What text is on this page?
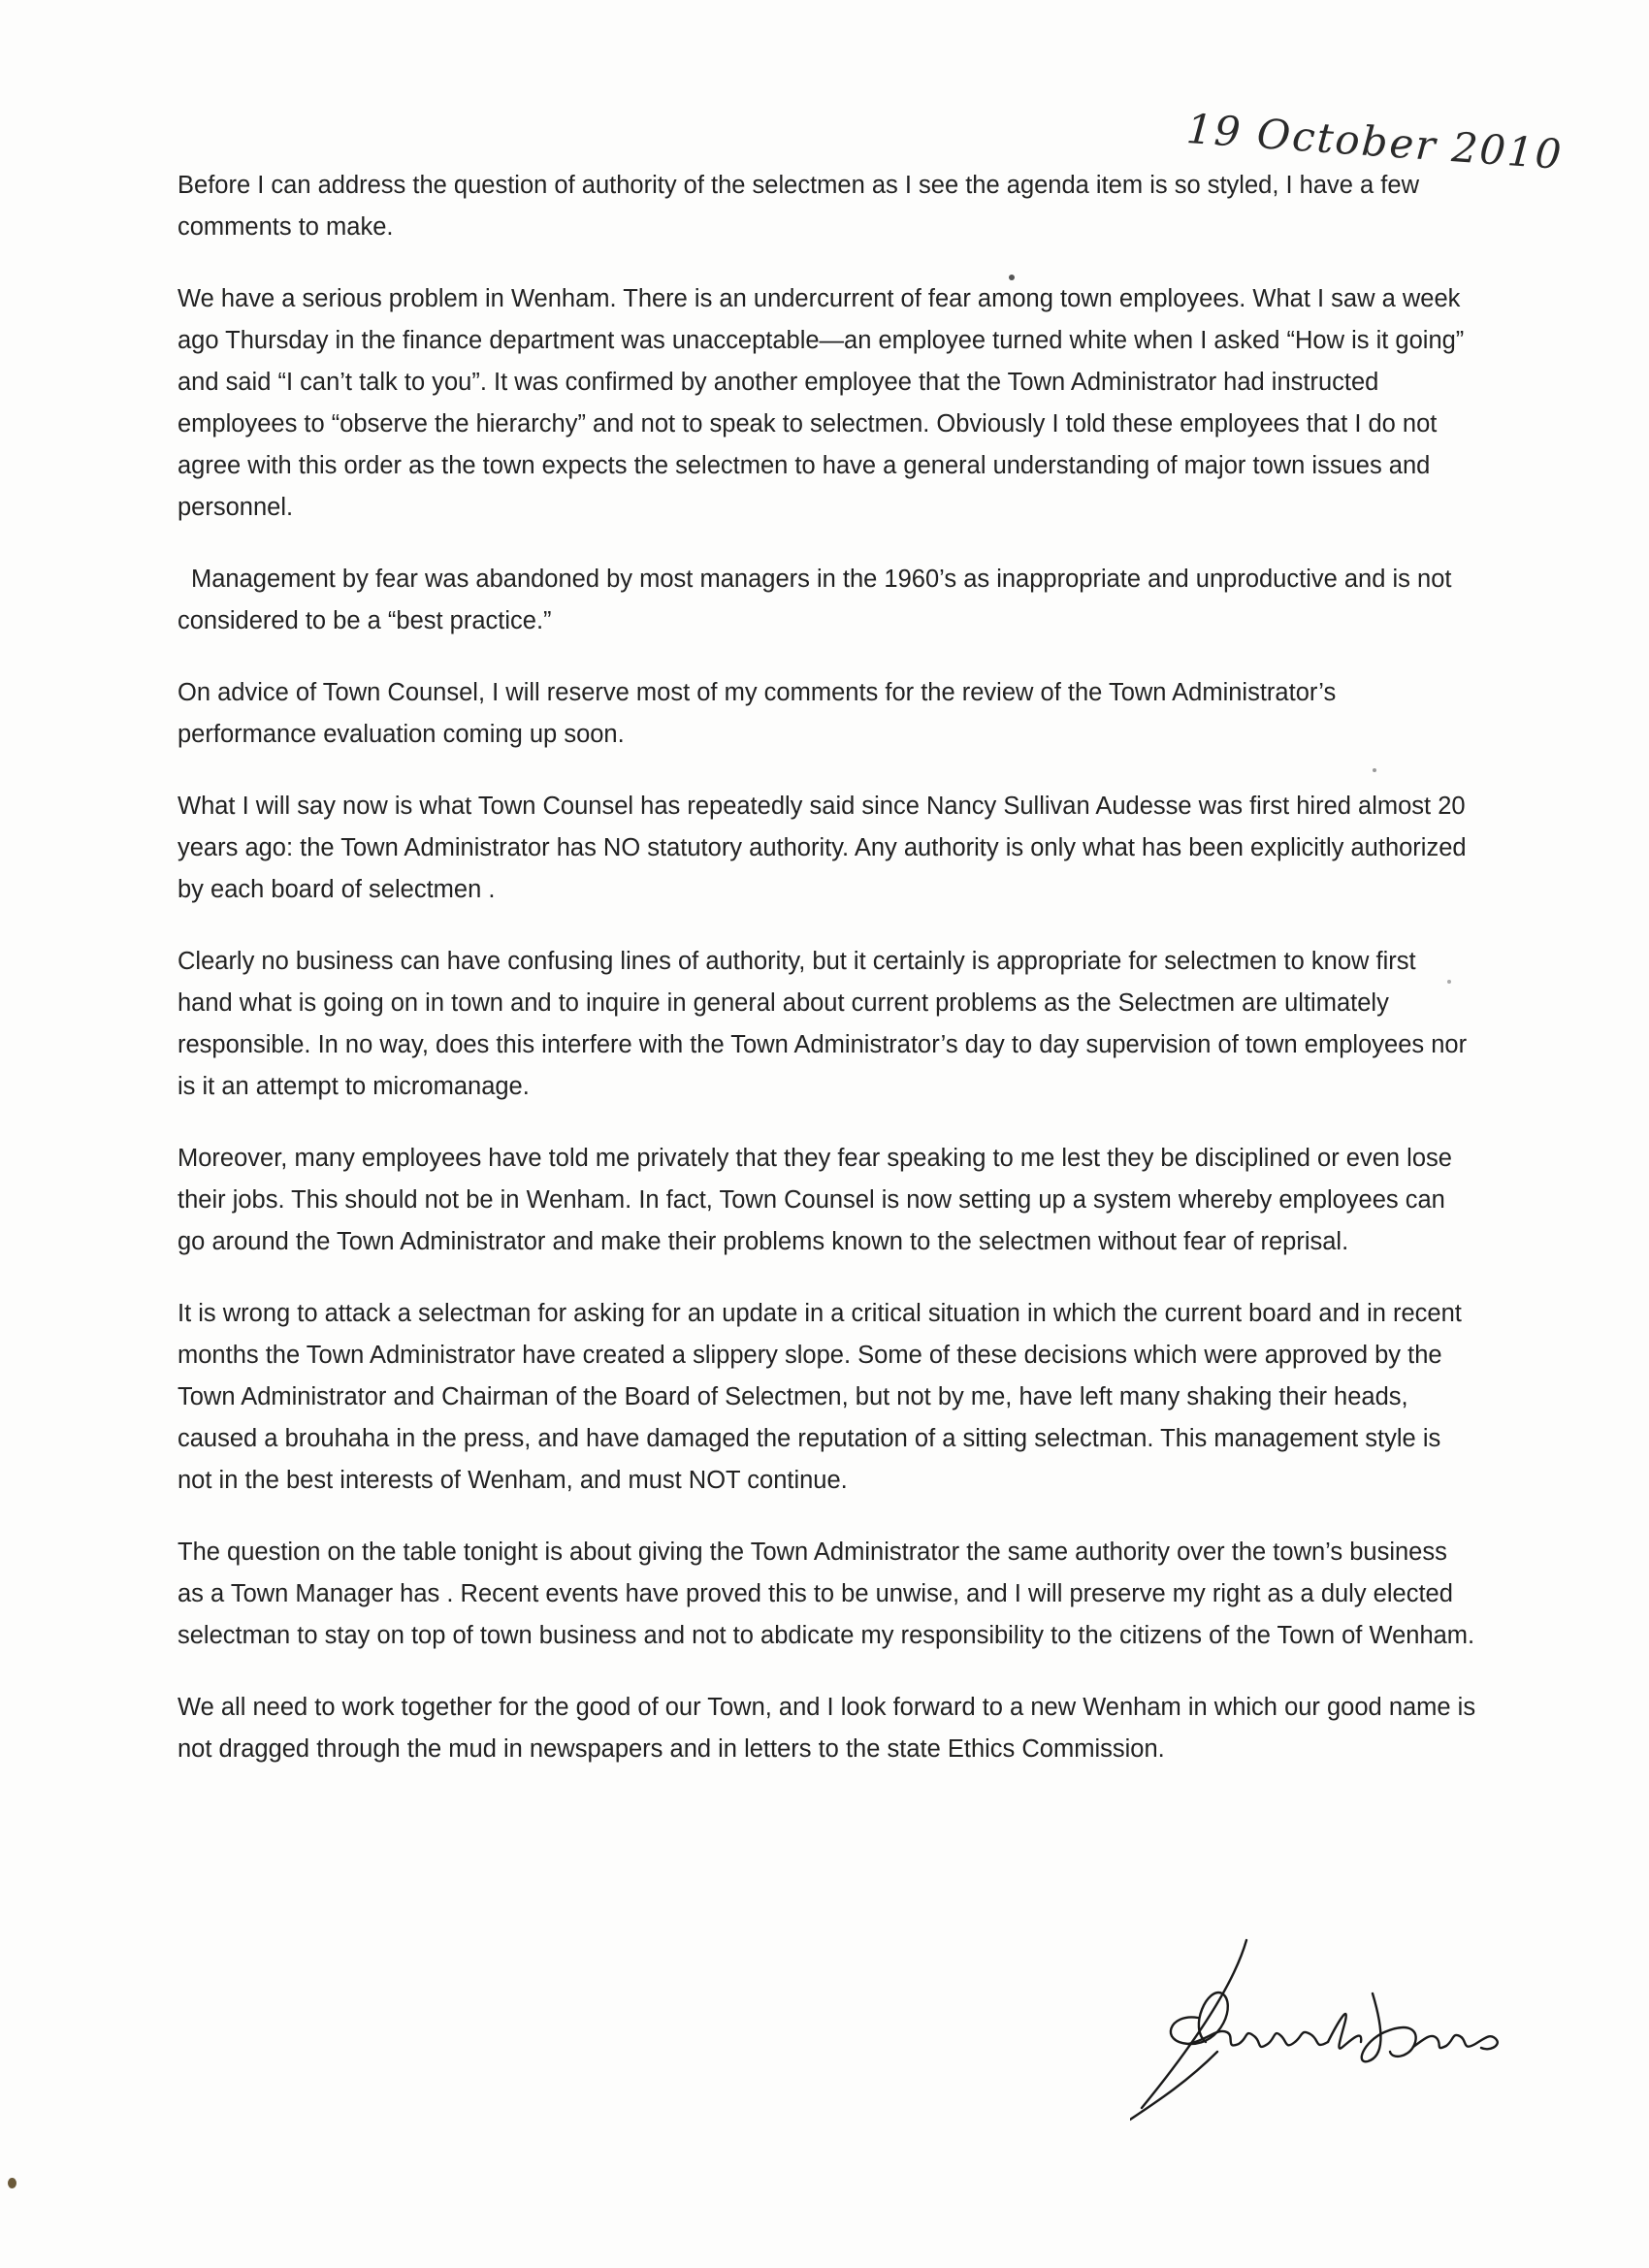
19 October 2010

Before I can address the question of authority of the selectmen as I see the agenda item is so styled, I have a few comments to make.

We have a serious problem in Wenham. There is an undercurrent of fear among town employees. What I saw a week ago Thursday in the finance department was unacceptable—an employee turned white when I asked “How is it going” and said “I can’t talk to you”. It was confirmed by another employee that the Town Administrator had instructed employees to “observe the hierarchy” and not to speak to selectmen. Obviously I told these employees that I do not agree with this order as the town expects the selectmen to have a general understanding of major town issues and personnel.

Management by fear was abandoned by most managers in the 1960’s as inappropriate and unproductive and is not considered to be a “best practice.”

On advice of Town Counsel, I will reserve most of my comments for the review of the Town Administrator’s performance evaluation coming up soon.

What I will say now is what Town Counsel has repeatedly said since Nancy Sullivan Audesse was first hired almost 20 years ago: the Town Administrator has NO statutory authority. Any authority is only what has been explicitly authorized by each board of selectmen .

Clearly no business can have confusing lines of authority, but it certainly is appropriate for selectmen to know first hand what is going on in town and to inquire in general about current problems as the Selectmen are ultimately responsible. In no way, does this interfere with the Town Administrator’s day to day supervision of town employees nor is it an attempt to micromanage.

Moreover, many employees have told me privately that they fear speaking to me lest they be disciplined or even lose their jobs. This should not be in Wenham. In fact, Town Counsel is now setting up a system whereby employees can go around the Town Administrator and make their problems known to the selectmen without fear of reprisal.

It is wrong to attack a selectman for asking for an update in a critical situation in which the current board and in recent months the Town Administrator have created a slippery slope. Some of these decisions which were approved by the Town Administrator and Chairman of the Board of Selectmen, but not by me, have left many shaking their heads, caused a brouhaha in the press, and have damaged the reputation of a sitting selectman. This management style is not in the best interests of Wenham, and must NOT continue.

The question on the table tonight is about giving the Town Administrator the same authority over the town’s business as a Town Manager has . Recent events have proved this to be unwise, and I will preserve my right as a duly elected selectman to stay on top of town business and not to abdicate my responsibility to the citizens of the Town of Wenham.

We all need to work together for the good of our Town, and I look forward to a new Wenham in which our good name is not dragged through the mud in newspapers and in letters to the state Ethics Commission.
